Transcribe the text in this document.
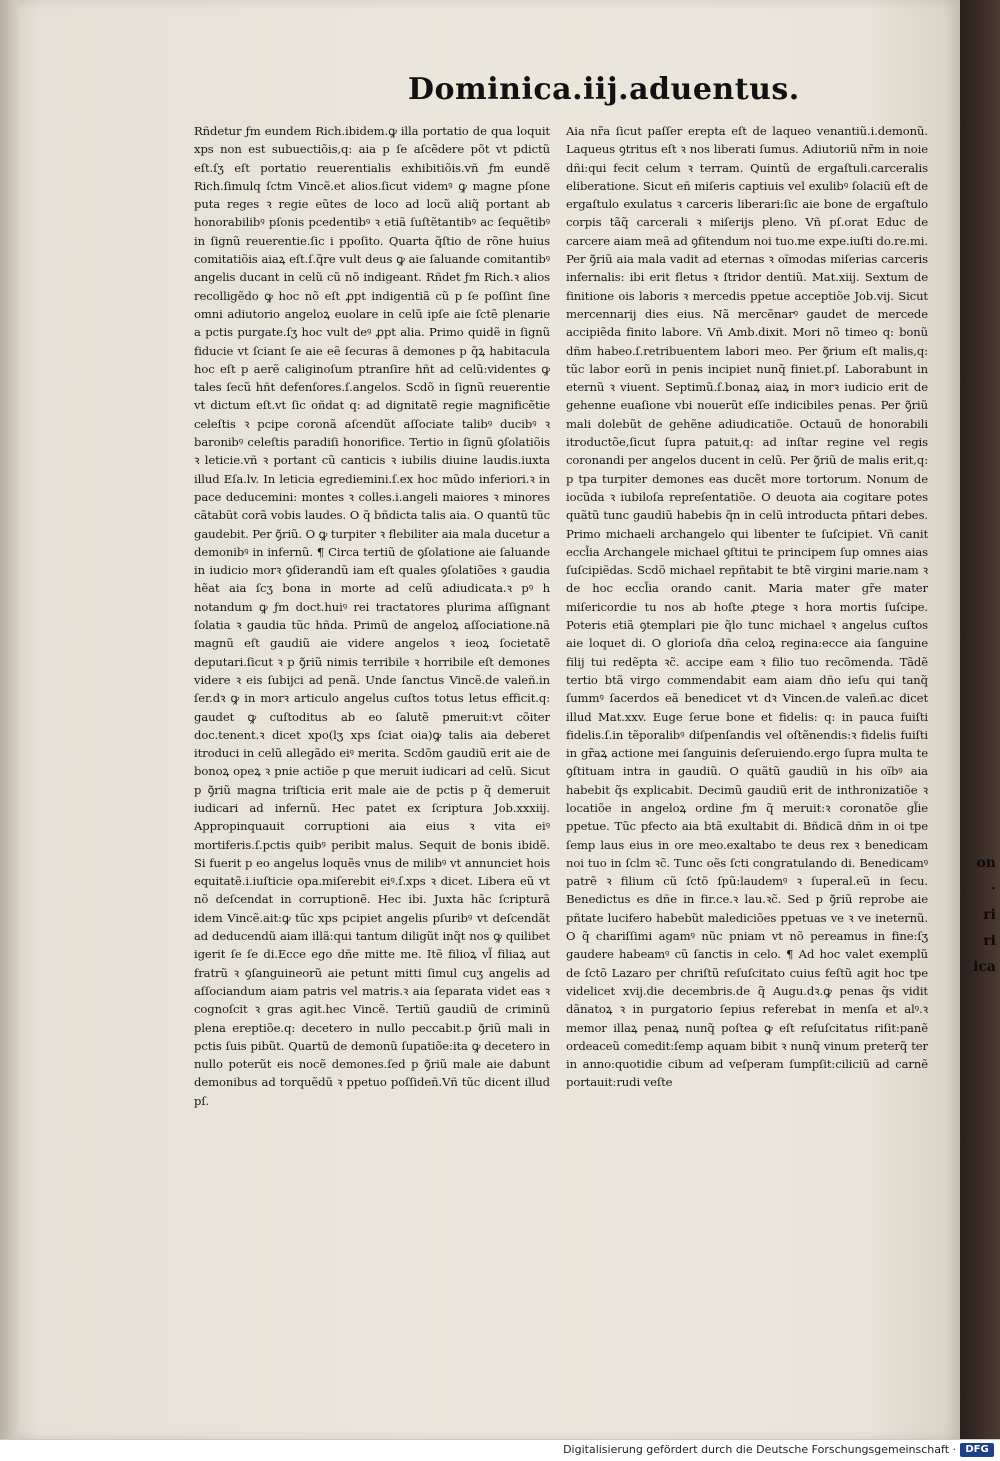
on
·
ri
ri
ica
Dominica.iij.aduentus.

Rñdetur ƒm eundem Rich.ibidem.ꝙ illa portatio de qua loquit xps non est subuectiõis,q: aia p ſe aſcẽdere põt vt pdictũ eſt.ſʒ eſt portatio reuerentialis exhibitiõis.vñ ƒm eundẽ Rich.ſimulq ſctm Vincẽ.et alios.ſicut videmꝰ ꝙ magne pſone puta reges ꝛ regie eũtes de loco ad locũ aliq̃ portant ab honorabilibꝰ pſonis pcedentibꝰ ꝛ etiã ſuſtẽtantibꝰ ac ſequẽtibꝰ in ſignũ reuerentie.ſic i ppoſito. Quarta q̃ſtio de rõne huius comitatiõis aiaꝝ eſt.ſ.q̃re vult deus ꝙ aie ſaluande comitantibꝰ angelis ducant in celũ cũ nõ indigeant. Rñdet ƒm Rich.ꝛ alios recolligẽdo ꝙ hoc nõ eſt ꝓpt indigentiã cũ p ſe poſſint ſine omni adiutorio angeloꝝ euolare in celũ ipſe aie ſctẽ plenarie a pctis purgate.ſʒ hoc vult deꝰ ꝓpt alia. Primo quidẽ in ſignũ fiducie vt ſciant ſe aie eẽ ſecuras ã demones p q̃ꝝ habitacula hoc eſt p aerẽ caliginoſum ptranſire hñt ad celũ:videntes ꝙ tales ſecũ hñt defenſores.ſ.angelos. Scdõ in ſignũ reuerentie vt dictum eſt.vt ſic oñdat q: ad dignitatẽ regie magnificẽtie celeſtis ꝛ pcipe coronã aſcendũt aſſociate talibꝰ ducibꝰ ꝛ baronibꝰ celeſtis paradiſi honorifice. Tertio in ſignũ ꝯſolatiõis ꝛ leticie.vñ ꝛ portant cũ canticis ꝛ iubilis diuine laudis.iuxta illud Eſa.lv. In leticia egrediemini.ſ.ex hoc mũdo inferiori.ꝛ in pace deducemini: montes ꝛ colles.i.angeli maiores ꝛ minores cãtabũt corã vobis laudes. O q̃ bñdicta talis aia. O quantũ tũc gaudebit. Per ꝯ̃riũ. O ꝙ turpiter ꝛ flebiliter aia mala ducetur a demonibꝰ in infernũ. ¶ Circa tertiũ de ꝯſolatione aie ſaluande in iudicio morꝛ ꝯſiderandũ iam eſt quales ꝯſolatiões ꝛ gaudia hẽat aia ſcʒ bona in morte ad celũ adiudicata.ꝛ pꝰ h notandum ꝙ ƒm doct.huiꝰ rei tractatores plurima aſſignant ſolatia ꝛ gaudia tũc hñda. Primũ de angeloꝝ aſſociatione.nã magnũ eſt gaudiũ aie videre angelos ꝛ ieoꝝ ſocietatẽ deputari.ſicut ꝛ p ꝯ̃riũ nimis terribile ꝛ horribile eſt demones videre ꝛ eis ſubijci ad penã. Unde ſanctus Vincẽ.de valeñ.in ſer.dꝛ ꝙ in morꝛ articulo angelus cuſtos totus letus efficit.q: gaudet ꝙ cuſtoditus ab eo ſalutẽ pmeruit:vt cõiter doc.tenent.ꝛ dicet xpo(lʒ xps ſciat oia)ꝙ talis aia deberet itroduci in celũ allegãdo eiꝰ merita. Scdõm gaudiũ erit aie de bonoꝝ opeꝝ ꝛ pnie actiõe p que meruit iudicari ad celũ. Sicut p ꝯ̃riũ magna triſticia erit male aie de pctis p q̃ demeruit iudicari ad infernũ. Hec patet ex ſcriptura Job.xxxiij. Appropinquauit corruptioni aia eius ꝛ vita eiꝰ mortiferis.ſ.pctis quibꝰ peribit malus. Sequit de bonis ibidẽ. Si fuerit p eo angelus loquẽs vnus de milibꝰ vt annunciet hois equitatẽ.i.iuſticie opa.miſerebit eiꝰ.ſ.xps ꝛ dicet. Libera eũ vt nõ deſcendat in corruptionẽ. Hec ibi. Juxta hãc ſcripturã idem Vincẽ.ait:ꝙ tũc xps pcipiet angelis pſuribꝰ vt deſcendãt ad deducendũ aiam illã:qui tantum diligũt inq̃t nos ꝙ quilibet igerit ſe ſe di.Ecce ego dñe mitte me. Itẽ filioꝝ vl̃ filiaꝝ aut fratrũ ꝛ ꝯſanguineorũ aie petunt mitti ſimul cuʒ angelis ad aſſociandum aiam patris vel matris.ꝛ aia ſeparata videt eas ꝛ cognoſcit ꝛ gras agit.hec Vincẽ. Tertiũ gaudiũ de criminũ plena ereptiõe.q: decetero in nullo peccabit.p ꝯ̃riũ mali in pctis ſuis pibũt. Quartũ de demonũ ſupatiõe:ita ꝙ decetero in nullo poterũt eis nocẽ demones.ſed p ꝯ̃riũ male aie dabunt demonibus ad torquẽdũ ꝛ ppetuo poſſideñ.Vñ tũc dicent illud pſ.

Aia nr̃a ſicut paſſer erepta eſt de laqueo venantiũ.i.demonũ. Laqueus ꝯtritus eſt ꝛ nos liberati ſumus. Adiutoriũ nr̃m in noie dñi:qui fecit celum ꝛ terram. Quintũ de ergaſtuli.carceralis eliberatione. Sicut eñ miſeris captiuis vel exulibꝰ ſolaciũ eſt de ergaſtulo exulatus ꝛ carceris liberari:ſic aie bone de ergaſtulo corpis tãq̃ carcerali ꝛ miſerijs pleno. Vñ pſ.orat Educ de carcere aiam meã ad ꝯfitendum noi tuo.me expe.iuſti do.re.mi. Per ꝯ̃riũ aia mala vadit ad eternas ꝛ oĩmodas miſerias carceris infernalis: ibi erit fletus ꝛ ſtridor dentiũ. Mat.xiij. Sextum de finitione ois laboris ꝛ mercedis ppetue acceptiõe Job.vij. Sicut mercennarij dies eius. Nã mercẽnarꝰ gaudet de mercede accipiẽda finito labore. Vñ Amb.dixit. Mori nõ timeo q: bonũ dñm habeo.ſ.retribuentem labori meo. Per ꝯ̃rium eſt malis,q: tũc labor eorũ in penis incipiet nunq̃ finiet.pſ. Laborabunt in eternũ ꝛ viuent. Septimũ.ſ.bonaꝝ aiaꝝ in morꝛ iudicio erit de gehenne euaſione vbi nouerũt eſſe indicibiles penas. Per ꝯ̃riũ mali dolebũt de gehẽne adiudicatiõe. Octauũ de honorabili itroductõe,ſicut ſupra patuit,q: ad inſtar regine vel regis coronandi per angelos ducent in celũ. Per ꝯ̃riũ de malis erit,q: p tpa turpiter demones eas ducẽt more tortorum. Nonum de iocũda ꝛ iubiloſa repreſentatiõe. O deuota aia cogitare potes quãtũ tunc gaudiũ habebis q̃n in celũ introducta pñtari debes. Primo michaeli archangelo qui libenter te ſuſcipiet. Vñ canit eccl̃ia Archangele michael ꝯſtitui te principem ſup omnes aias ſuſcipiẽdas. Scdõ michael repñtabit te btẽ virgini marie.nam ꝛ de hoc eccl̃ia orando canit. Maria mater gr̃e mater miſericordie tu nos ab hoſte ꝓtege ꝛ hora mortis ſuſcipe. Poteris etiã ꝯtemplari pie q̃lo tunc michael ꝛ angelus cuſtos aie loquet di. O glorioſa dña celoꝝ regina:ecce aia ſanguine filij tui redẽpta ꝛc̃. accipe eam ꝛ filio tuo recõmenda. Tãdẽ tertio btã virgo commendabit eam aiam dño ieſu qui tanq̃ ſummꝰ ſacerdos eã benedicet vt dꝛ Vincen.de valeñ.ac dicet illud Mat.xxv. Euge ſerue bone et fidelis: q: in pauca fuiſti fidelis.ſ.in tẽporalibꝰ diſpenſandis vel oſtẽnendis:ꝛ fidelis fuiſti in gr̃aꝝ actione mei ſanguinis deſeruiendo.ergo ſupra multa te ꝯſtituam intra in gaudiũ. O quãtũ gaudiũ in his oĩbꝰ aia habebit q̃s explicabit. Decimũ gaudiũ erit de inthronizatiõe ꝛ locatiõe in angeloꝝ ordine ƒm q̃ meruit:ꝛ coronatõe gl̃ie ppetue. Tũc pfecto aia btã exultabit di. Bñdicã dñm in oi tpe ſemp laus eius in ore meo.exaltabo te deus rex ꝛ benedicam noi tuo in ſclm ꝛc̃. Tunc oẽs ſcti congratulando di. Benedicamꝰ patrẽ ꝛ filium cũ ſctõ ſpũ:laudemꝰ ꝛ ſuperal.eũ in ſecu. Benedictus es dñe in fir.ce.ꝛ lau.ꝛc̃. Sed p ꝯ̃riũ reprobe aie pñtate lucifero habebũt malediciões ppetuas ve ꝛ ve ineternũ. O q̃ chariſſimi agamꝰ nũc pniam vt nõ pereamus in fine:ſʒ gaudere habeamꝰ cũ ſanctis in celo. ¶ Ad hoc valet exemplũ de ſctõ Lazaro per chriſtũ reſuſcitato cuius feſtũ agit hoc tpe videlicet xvij.die decembris.de q̃ Augu.dꝛ.ꝙ penas q̃s vidit dãnatoꝝ ꝛ in purgatorio ſepius referebat in menſa et alꝰ.ꝛ memor illaꝝ penaꝝ nunq̃ poſtea ꝙ eſt reſuſcitatus riſit:panẽ ordeaceũ comedit:ſemp aquam bibit ꝛ nunq̃ vinum preterq̃ ter in anno:quotidie cibum ad veſperam ſumpſit:ciliciũ ad carnẽ portauit:rudi veſte

Digitalisierung gefördert durch die Deutsche Forschungsgemeinschaft · DFG
